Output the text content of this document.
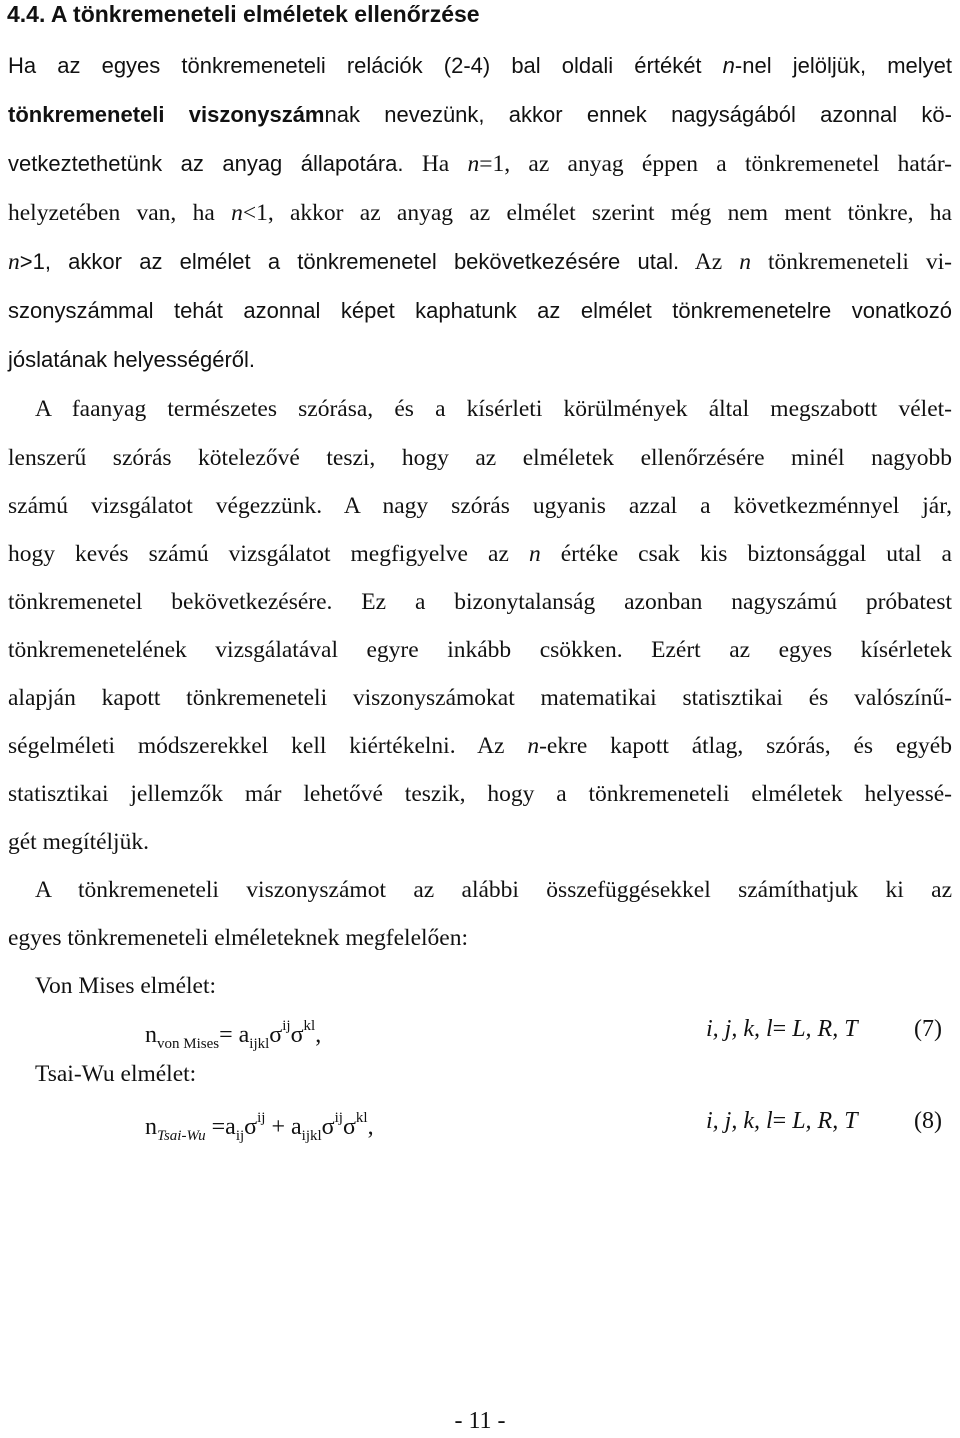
4.4. A tönkremeneteli elméletek ellenőrzése
Ha az egyes tönkremeneteli relációk (2-4) bal oldali értékét n-nel jelöljük, melyet
tönkremeneteli viszonyszámnak nevezünk, akkor ennek nagyságából azonnal kö-
vetkeztethetünk az anyag állapotára. Ha n=1, az anyag éppen a tönkremenetel határ-
helyzetében van, ha n<1, akkor az anyag az elmélet szerint még nem ment tönkre, ha
n>1, akkor az elmélet a tönkremenetel bekövetkezésére utal. Az n tönkremeneteli vi-
szonyszámmal tehát azonnal képet kaphatunk az elmélet tönkremenetelre vonatkozó
jóslatának helyességéről.
A faanyag természetes szórása, és a kísérleti körülmények által megszabott vélet-
lenszerű szórás kötelezővé teszi, hogy az elméletek ellenőrzésére minél nagyobb
számú vizsgálatot végezzünk. A nagy szórás ugyanis azzal a következménnyel jár,
hogy kevés számú vizsgálatot megfigyelve az n értéke csak kis biztonsággal utal a
tönkremenetel bekövetkezésére. Ez a bizonytalanság azonban nagyszámú próbatest
tönkremenetelének vizsgálatával egyre inkább csökken. Ezért az egyes kísérletek
alapján kapott tönkremeneteli viszonyszámokat matematikai statisztikai és valószínű-
ségelméleti módszerekkel kell kiértékelni. Az n-ekre kapott átlag, szórás, és egyéb
statisztikai jellemzők már lehetővé teszik, hogy a tönkremeneteli elméletek helyessé-
gét megítéljük.
A tönkremeneteli viszonyszámot az alábbi összefüggésekkel számíthatjuk ki az
egyes tönkremeneteli elméleteknek megfelelően:
Von Mises elmélet:
$n_{von Mises}= a_{ijkl}\sigma^{ij}\sigma^{kl}$,	i, j, k, l= L, R, T (7)
Tsai-Wu elmélet:
$n_{Tsai-Wu} =a_{ij}\sigma^{ij} + a_{ijkl}\sigma^{ij}\sigma^{kl}$,	i, j, k, l= L, R, T (8)
- 11 -
